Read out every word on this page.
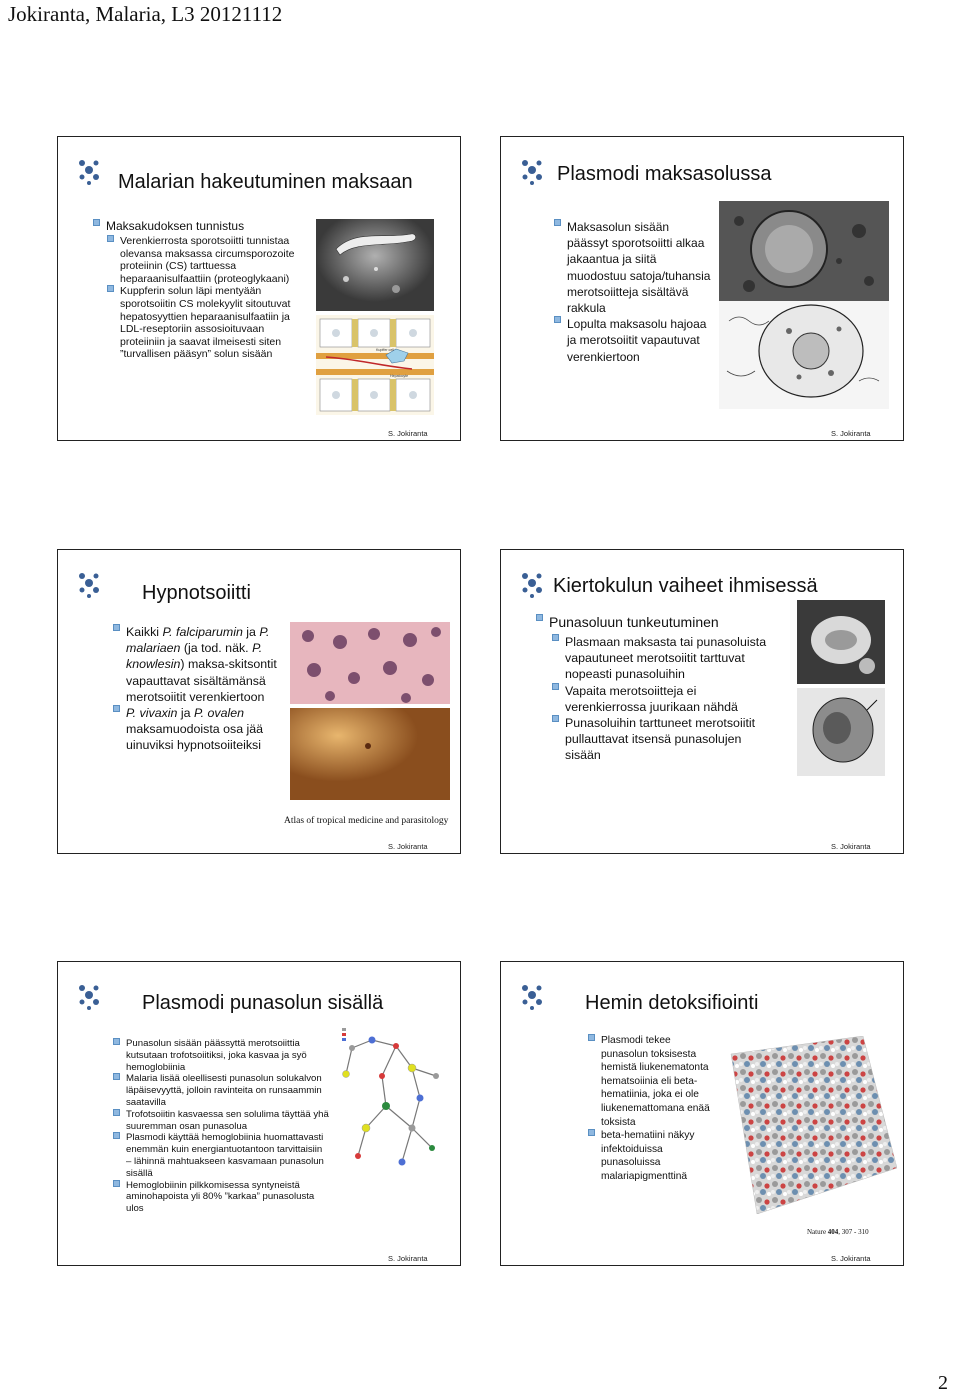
Jokiranta, Malaria, L3 20121112
Malarian hakeutuminen maksaan
Maksakudoksen tunnistus
Verenkierrosta sporotsoiitti tunnistaa olevansa maksassa circumsporozoite proteiinin (CS) tarttuessa heparaanisulfaattiin (proteoglykaani)
Kuppferin solun läpi mentyään sporotsoiitin CS molekyylit sitoutuvat hepatosyyttien heparaanisulfaatiin ja LDL-reseptoriin assosioituvaan proteiiniin ja saavat ilmeisesti siten ”turvallisen pääsyn” solun sisään	Kupffer cell
Hepatocyte
S. Jokiranta
Plasmodi maksasolussa
Maksasolun sisään päässyt sporotsoiitti alkaa jakaantua ja siitä muodostuu satoja/tuhansia merotsoiitteja sisältävä rakkula
Lopulta maksasolu hajoaa ja merotsoiitit vapautuvat verenkiertoon
S. Jokiranta
Hypnotsoiitti
Kaikki P. falciparumin ja P. malariaen (ja tod. näk. P. knowlesin) maksa-skitsontit vapauttavat sisältämänsä merotsoiitit verenkiertoon
P. vivaxin ja P. ovalen maksamuodoista osa jää uinuviksi hypnotsoiiteiksi
Atlas of tropical medicine and parasitology
S. Jokiranta
Kiertokulun vaiheet ihmisessä
Punasoluun tunkeutuminen
Plasmaan maksasta tai punasoluista vapautuneet merotsoiitit tarttuvat nopeasti punasoluihin
Vapaita merotsoiitteja ei verenkierrossa juurikaan nähdä
Punasoluihin tarttuneet merotsoiitit pullauttavat itsensä punasolujen sisään
S. Jokiranta
Plasmodi punasolun sisällä
Punasolun sisään päässyttä merotsoiittia kutsutaan trofotsoiitiksi, joka kasvaa ja syö hemoglobiinia
Malaria lisää oleellisesti punasolun solukalvon läpäisevyyttä, jolloin ravinteita on runsaammin saatavilla
Trofotsoiitin kasvaessa sen solulima täyttää yhä suuremman osan punasolua
Plasmodi käyttää hemoglobiinia huomattavasti enemmän kuin energiantuotantoon tarvittaisiin – lähinnä mahtuakseen kasvamaan punasolun sisällä
Hemoglobiinin pilkkomisessa syntyneistä aminohapoista yli 80% ”karkaa” punasolusta ulos
S. Jokiranta
Hemin detoksifiointi
Plasmodi tekee punasolun toksisesta hemistä liukenematonta hematsoiinia eli beta-hematiinia, joka ei ole liukenemattomana enää toksista
beta-hematiini näkyy infektoiduissa punasoluissa malariapigmenttinä
Nature 404, 307 - 310
S. Jokiranta
2
